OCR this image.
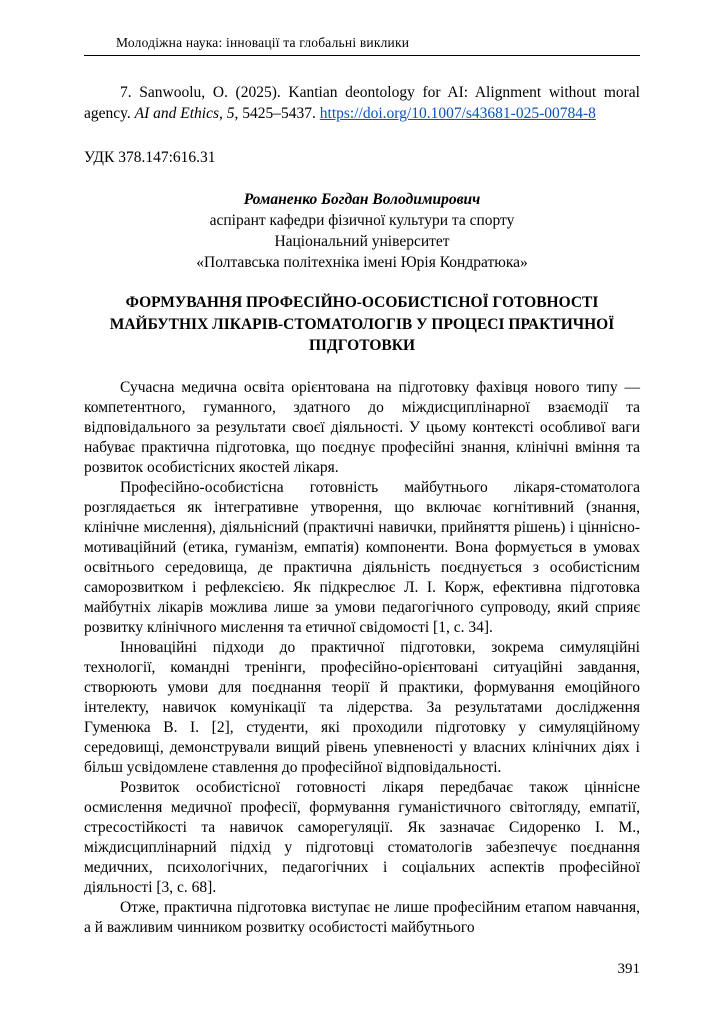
Молодіжна наука: інновації та глобальні виклики

7. Sanwoolu, O. (2025). Kantian deontology for AI: Alignment without moral agency. AI and Ethics, 5, 5425–5437. https://doi.org/10.1007/s43681-025-00784-8

УДК 378.147:616.31

Романенко Богдан Володимирович

аспірант кафедри фізичної культури та спорту

Національний університет

«Полтавська політехніка імені Юрія Кондратюка»

ФОРМУВАННЯ ПРОФЕСІЙНО-ОСОБИСТІСНОЇ ГОТОВНОСТІ МАЙБУТНІХ ЛІКАРІВ-СТОМАТОЛОГІВ У ПРОЦЕСІ ПРАКТИЧНОЇ ПІДГОТОВКИ

Сучасна медична освіта орієнтована на підготовку фахівця нового типу — компетентного, гуманного, здатного до міждисциплінарної взаємодії та відповідального за результати своєї діяльності. У цьому контексті особливої ваги набуває практична підготовка, що поєднує професійні знання, клінічні вміння та розвиток особистісних якостей лікаря.

Професійно-особистісна готовність майбутнього лікаря-стоматолога розглядається як інтегративне утворення, що включає когнітивний (знання, клінічне мислення), діяльнісний (практичні навички, прийняття рішень) і ціннісно-мотиваційний (етика, гуманізм, емпатія) компоненти. Вона формується в умовах освітнього середовища, де практична діяльність поєднується з особистісним саморозвитком і рефлексією. Як підкреслює Л. І. Корж, ефективна підготовка майбутніх лікарів можлива лише за умови педагогічного супроводу, який сприяє розвитку клінічного мислення та етичної свідомості [1, с. 34].

Інноваційні підходи до практичної підготовки, зокрема симуляційні технології, командні тренінги, професійно-орієнтовані ситуаційні завдання, створюють умови для поєднання теорії й практики, формування емоційного інтелекту, навичок комунікації та лідерства. За результатами дослідження Гуменюка В. І. [2], студенти, які проходили підготовку у симуляційному середовищі, демонстрували вищий рівень упевненості у власних клінічних діях і більш усвідомлене ставлення до професійної відповідальності.

Розвиток особистісної готовності лікаря передбачає також ціннісне осмислення медичної професії, формування гуманістичного світогляду, емпатії, стресостійкості та навичок саморегуляції. Як зазначає Сидоренко І. М., міждисциплінарний підхід у підготовці стоматологів забезпечує поєднання медичних, психологічних, педагогічних і соціальних аспектів професійної діяльності [3, с. 68].

Отже, практична підготовка виступає не лише професійним етапом навчання, а й важливим чинником розвитку особистості майбутнього

391
